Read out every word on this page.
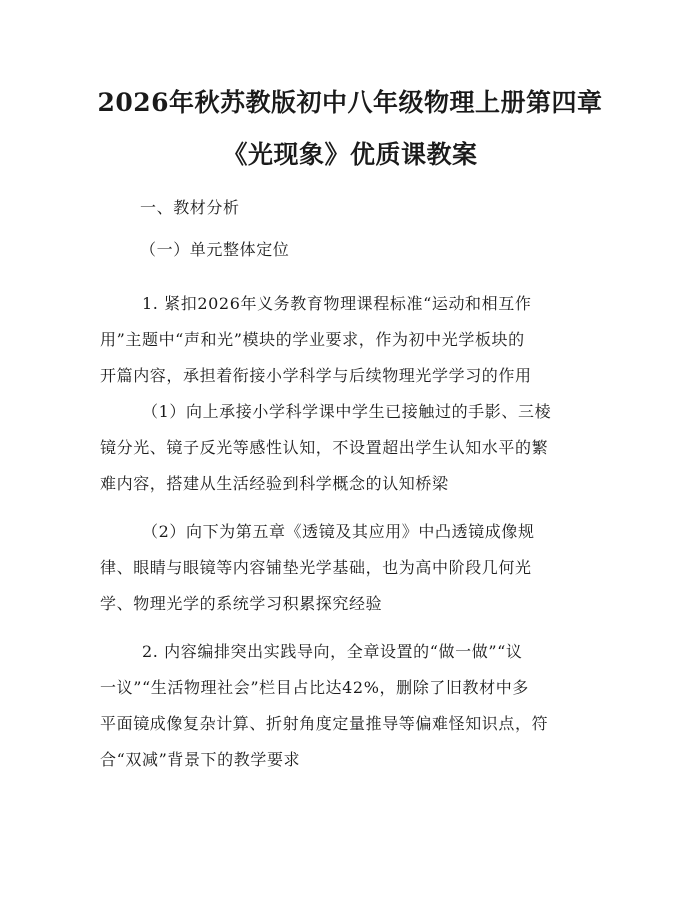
2026年秋苏教版初中八年级物理上册第四章
《光现象》优质课教案
一、教材分析
（一）单元整体定位
1. 紧扣2026年义务教育物理课程标准“运动和相互作
用”主题中“声和光”模块的学业要求，作为初中光学板块的
开篇内容，承担着衔接小学科学与后续物理光学学习的作用
（1）向上承接小学科学课中学生已接触过的手影、三棱
镜分光、镜子反光等感性认知，不设置超出学生认知水平的繁
难内容，搭建从生活经验到科学概念的认知桥梁
（2）向下为第五章《透镜及其应用》中凸透镜成像规
律、眼睛与眼镜等内容铺垫光学基础，也为高中阶段几何光
学、物理光学的系统学习积累探究经验
2. 内容编排突出实践导向，全章设置的“做一做”“议
一议”“生活物理社会”栏目占比达42%，删除了旧教材中多
平面镜成像复杂计算、折射角度定量推导等偏难怪知识点，符
合“双减”背景下的教学要求
